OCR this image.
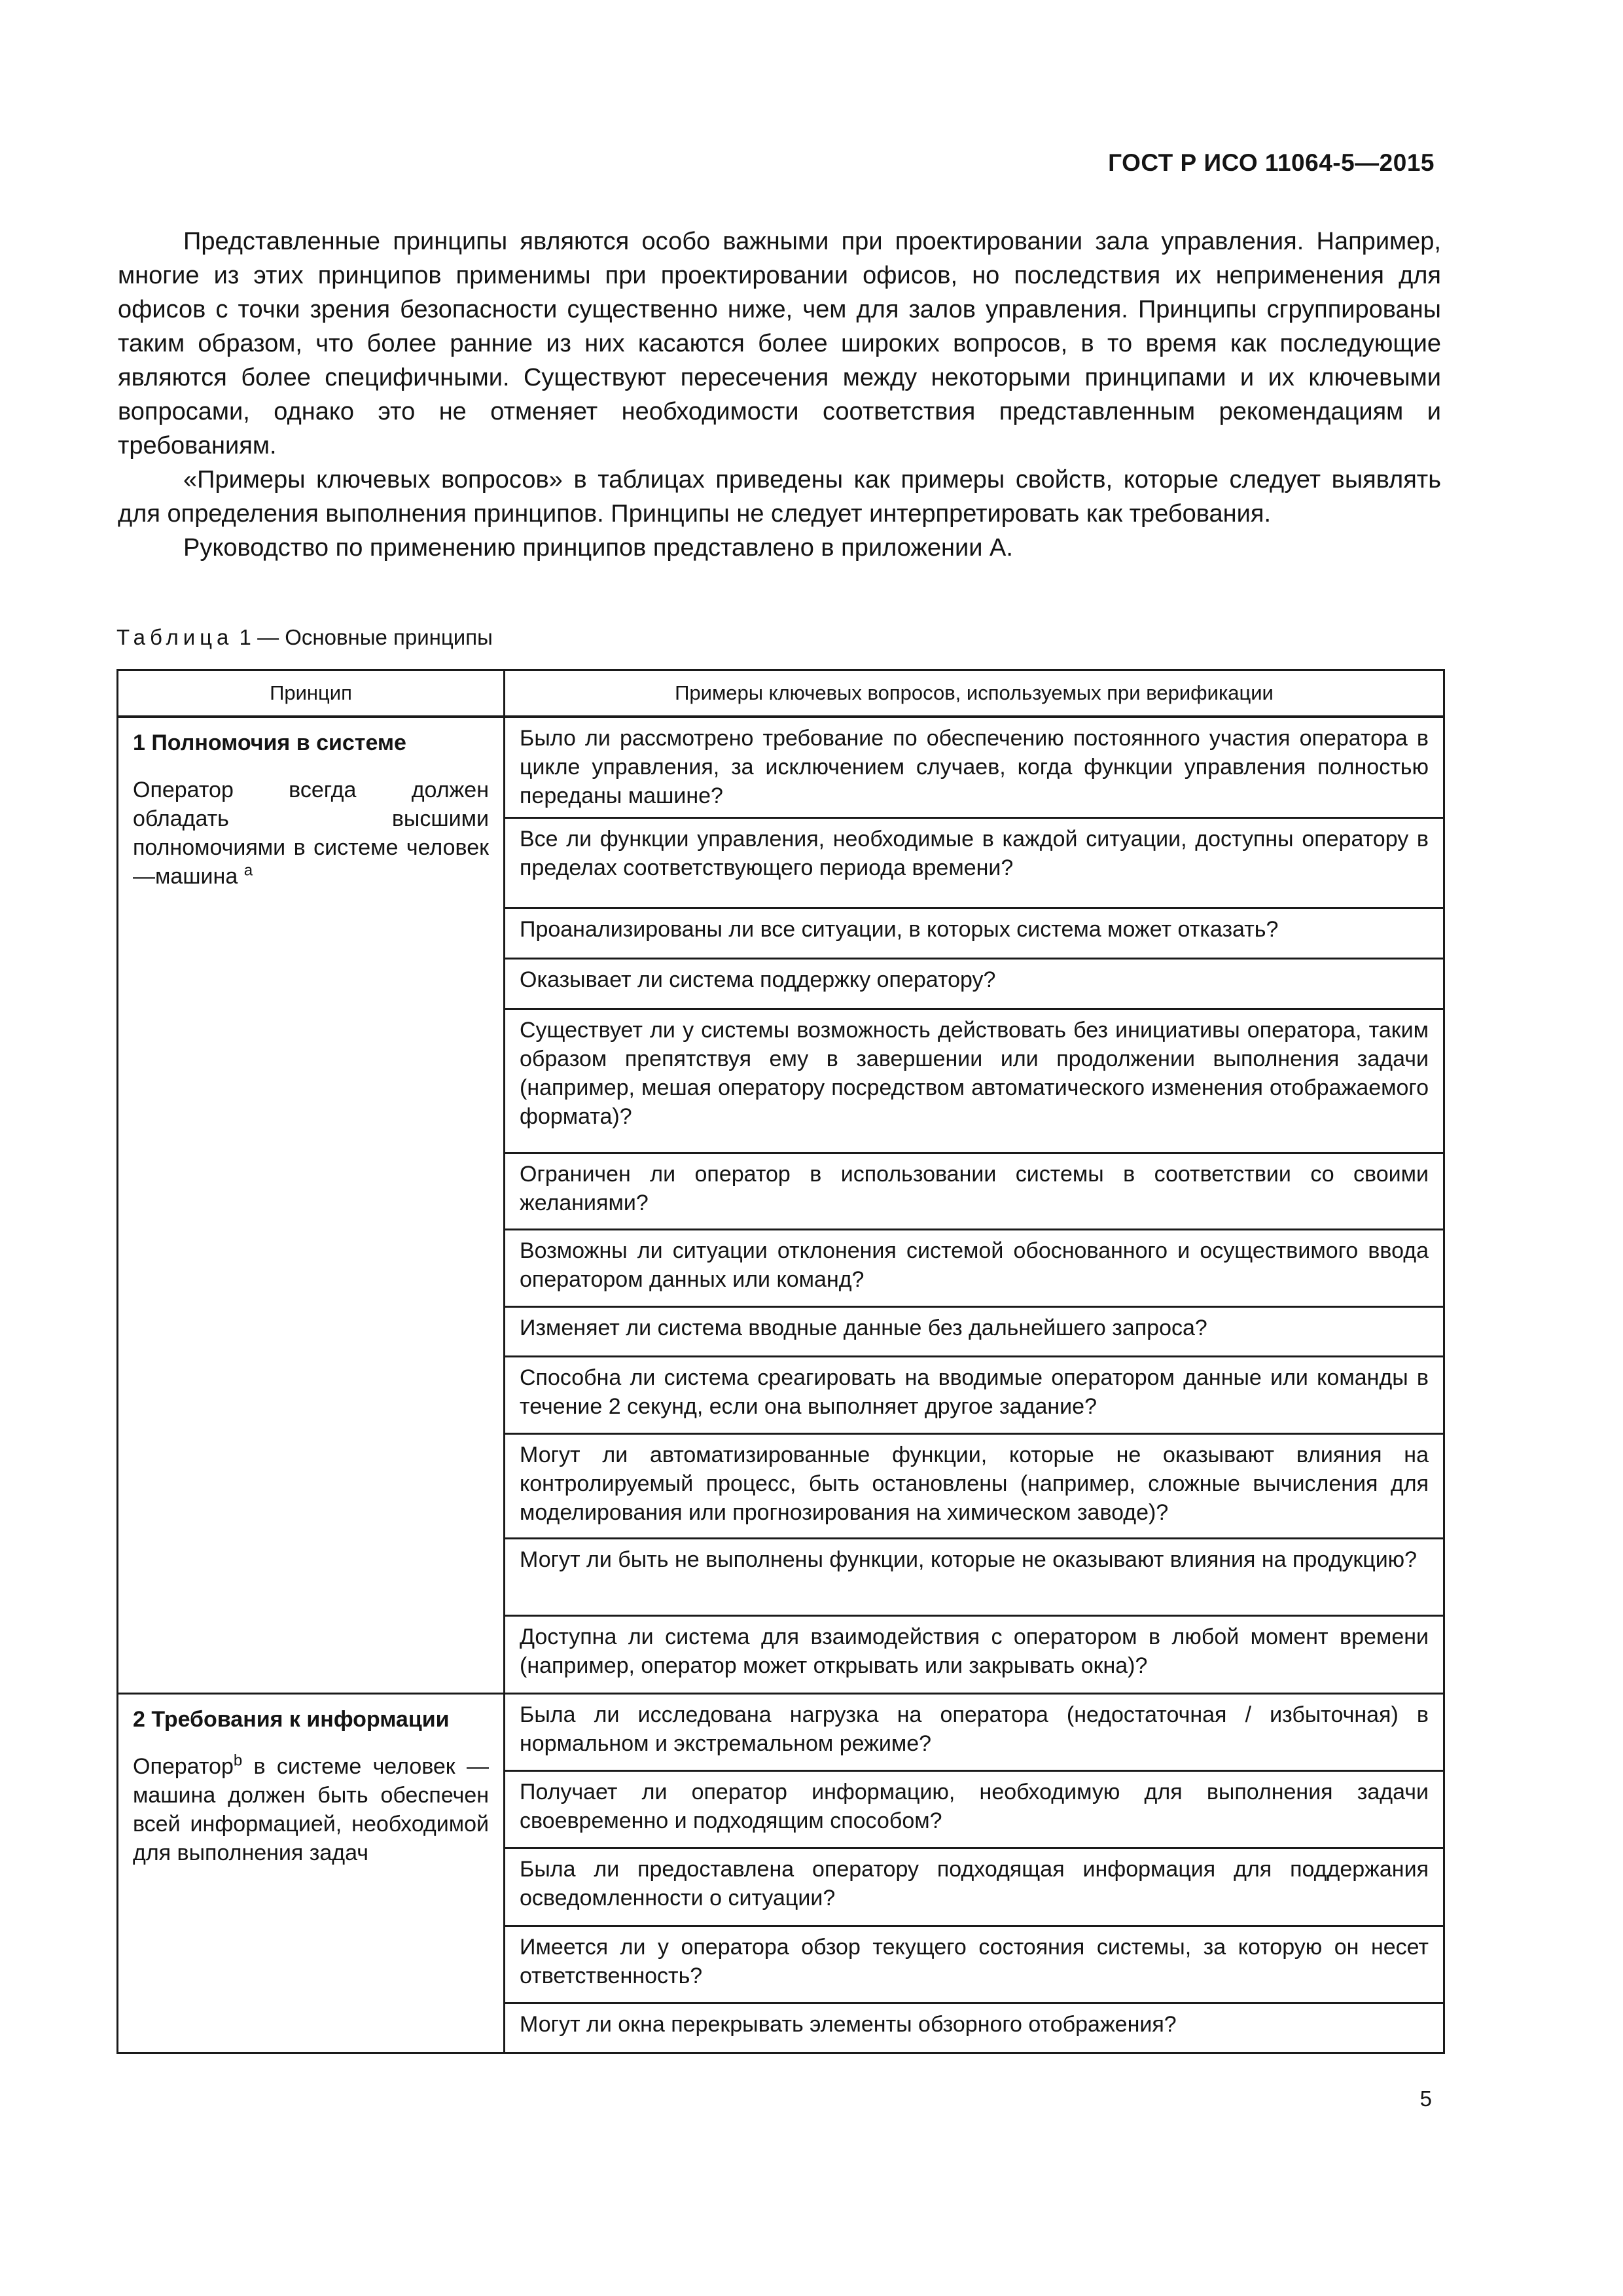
ГОСТ Р ИСО 11064-5—2015

Представленные принципы являются особо важными при проектировании зала управления. Например, многие из этих принципов применимы при проектировании офисов, но последствия их неприменения для офисов с точки зрения безопасности существенно ниже, чем для залов управления. Принципы сгруппированы таким образом, что более ранние из них касаются более широких вопросов, в то время как последующие являются более специфичными. Существуют пересечения между некоторыми принципами и их ключевыми вопросами, однако это не отменяет необходимости соответствия представленным рекомендациям и требованиям.

«Примеры ключевых вопросов» в таблицах приведены как примеры свойств, которые следует выявлять для определения выполнения принципов. Принципы не следует интерпретировать как требования.

Руководство по применению принципов представлено в приложении А.

Таблица 1 — Основные принципы
Принцип	Примеры ключевых вопросов, используемых при верификации

1 Полномочия в системе
Оператор всегда должен обладать высшими полномочиями в системе человек —машина $^а$	Было ли рассмотрено требование по обеспечению постоянного участия оператора в цикле управления, за исключением случаев, когда функции управления полностью переданы машине?
	Все ли функции управления, необходимые в каждой ситуации, доступны оператору в пределах соответствующего периода времени?
	Проанализированы ли все ситуации, в которых система может отказать?
	Оказывает ли система поддержку оператору?
	Существует ли у системы возможность действовать без инициативы оператора, таким образом препятствуя ему в завершении или продолжении выполнения задачи (например, мешая оператору посредством автоматического изменения отображаемого формата)?
	Ограничен ли оператор в использовании системы в соответствии со своими желаниями?
	Возможны ли ситуации отклонения системой обоснованного и осуществимого ввода оператором данных или команд?
	Изменяет ли система вводные данные без дальнейшего запроса?
	Способна ли система среагировать на вводимые оператором данные или команды в течение 2 секунд, если она выполняет другое задание?
	Могут ли автоматизированные функции, которые не оказывают влияния на контролируемый процесс, быть остановлены (например, сложные вычисления для моделирования или прогнозирования на химическом заводе)?
	Могут ли быть не выполнены функции, которые не оказывают влияния на продукцию?
	Доступна ли система для взаимодействия с оператором в любой момент времени (например, оператор может открывать или закрывать окна)?

2 Требования к информации
Оператор$^b$ в системе человек — машина должен быть обеспечен всей информацией, необходимой для выполнения задач	Была ли исследована нагрузка на оператора (недостаточная / избыточная) в нормальном и экстремальном режиме?
	Получает ли оператор информацию, необходимую для выполнения задачи своевременно и подходящим способом?
	Была ли предоставлена оператору подходящая информация для поддержания осведомленности о ситуации?
	Имеется ли у оператора обзор текущего состояния системы, за которую он несет ответственность?
	Могут ли окна перекрывать элементы обзорного отображения?
5
